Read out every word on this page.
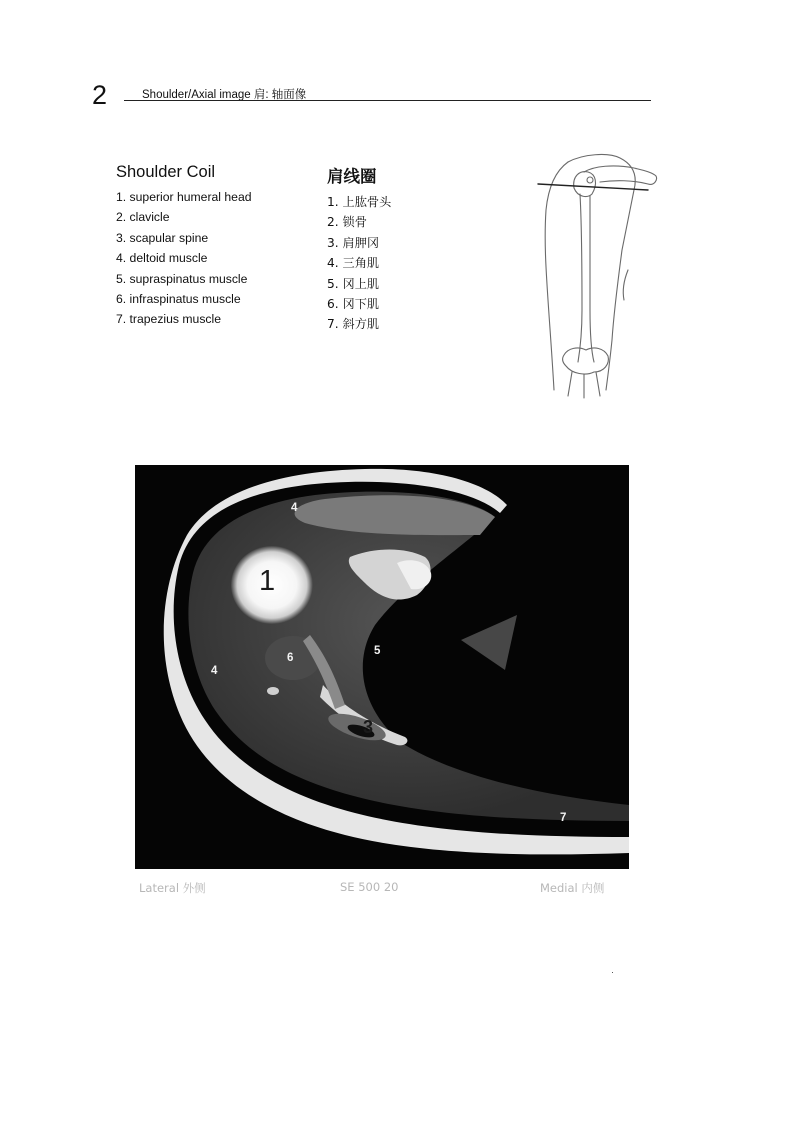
2	Shoulder/Axial image 肩: 轴面像
Shoulder Coil
1. superior humeral head
2. clavicle
3. scapular spine
4. deltoid muscle
5. supraspinatus muscle
6. infraspinatus muscle
7. trapezius muscle
肩线圈
1. 上肱骨头
2. 锁骨
3. 肩胛冈
4. 三角肌
5. 冈上肌
6. 冈下肌
7. 斜方肌
1
4
4
5
6
3
7
Lateral 外侧	SE 500 20	Medial 内侧
